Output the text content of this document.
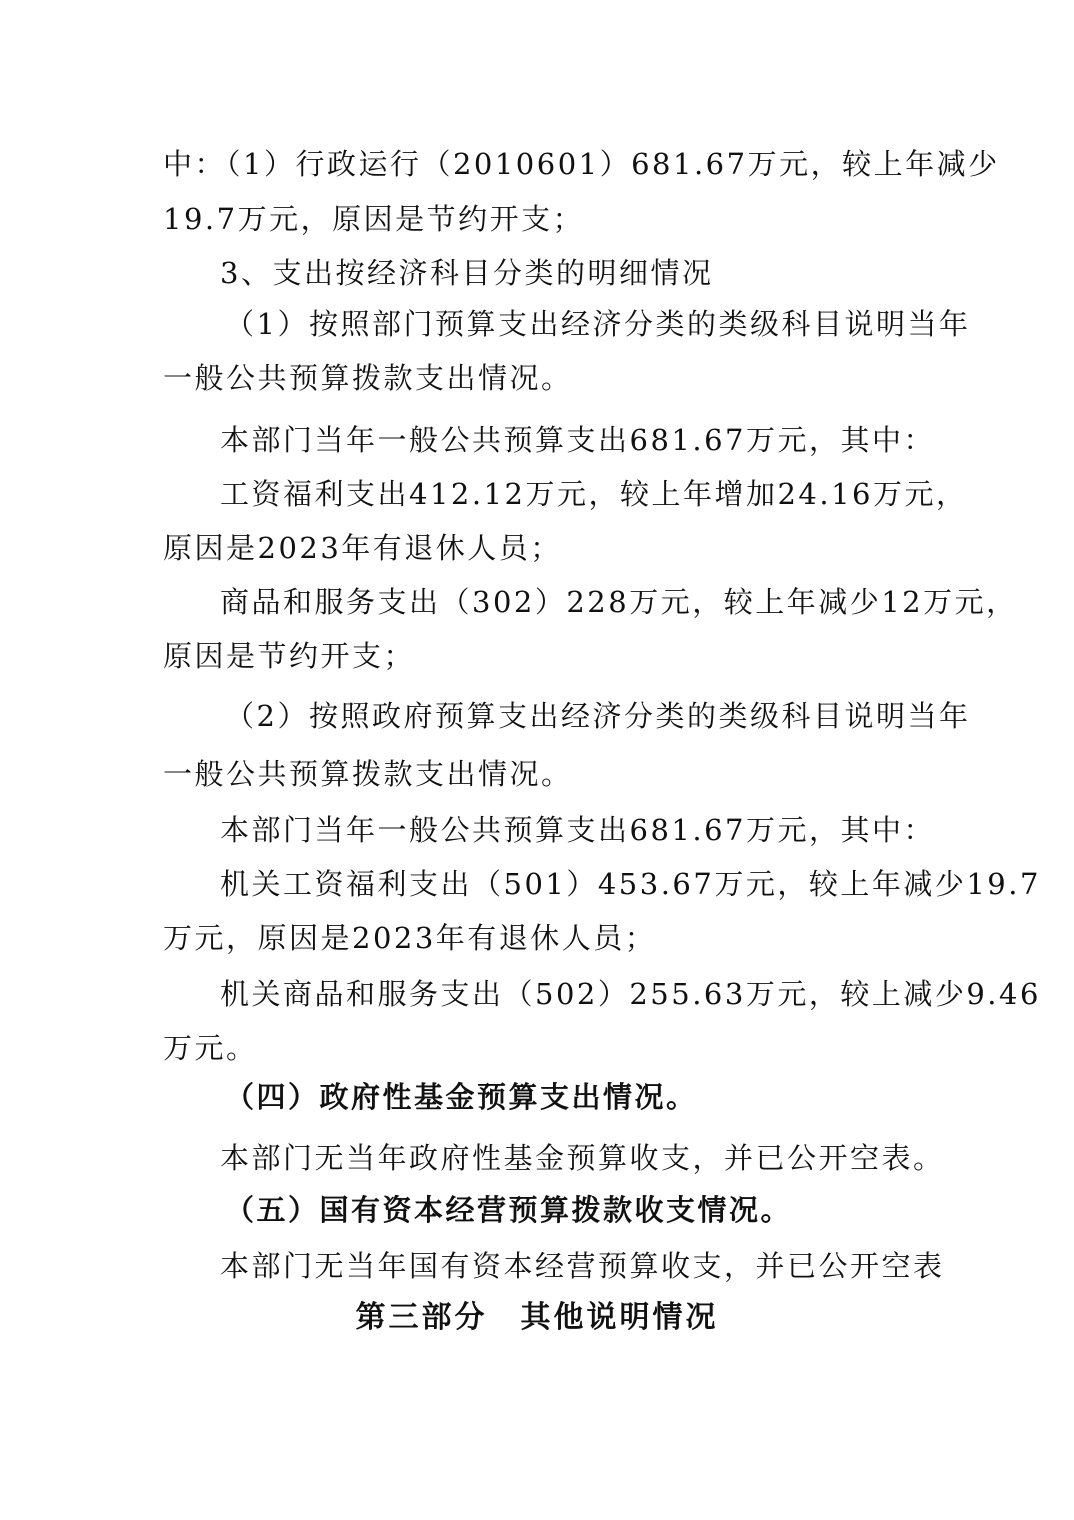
中：（1）行政运行（2010601）681.67万元，较上年减少
19.7万元，原因是节约开支；
3、支出按经济科目分类的明细情况
（1）按照部门预算支出经济分类的类级科目说明当年
一般公共预算拨款支出情况。
本部门当年一般公共预算支出681.67万元，其中：
工资福利支出412.12万元，较上年增加24.16万元，
原因是2023年有退休人员；
商品和服务支出（302）228万元，较上年减少12万元，
原因是节约开支；
（2）按照政府预算支出经济分类的类级科目说明当年
一般公共预算拨款支出情况。
本部门当年一般公共预算支出681.67万元，其中：
机关工资福利支出（501）453.67万元，较上年减少19.7
万元，原因是2023年有退休人员；
机关商品和服务支出（502）255.63万元，较上减少9.46
万元。
（四）政府性基金预算支出情况。
本部门无当年政府性基金预算收支，并已公开空表。
（五）国有资本经营预算拨款收支情况。
本部门无当年国有资本经营预算收支，并已公开空表
第三部分　其他说明情况
